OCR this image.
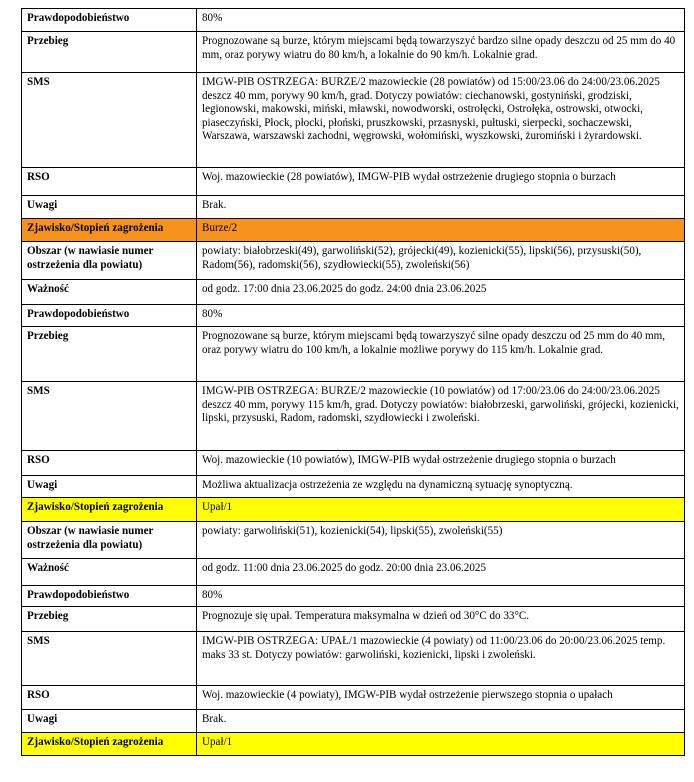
Prawdopodobieństwo	80%
Przebieg	Prognozowane są burze, którym miejscami będą towarzyszyć bardzo silne opady deszczu od 25 mm do 40 mm, oraz porywy wiatru do 80 km/h, a lokalnie do 90 km/h. Lokalnie grad.
SMS	IMGW-PIB OSTRZEGA: BURZE/2 mazowieckie (28 powiatów) od 15:00/23.06 do 24:00/23.06.2025 deszcz 40 mm, porywy 90 km/h, grad. Dotyczy powiatów: ciechanowski, gostyniński, grodziski, legionowski, makowski, miński, mławski, nowodworski, ostrołęcki, Ostrołęka, ostrowski, otwocki, piaseczyński, Płock, płocki, płoński, pruszkowski, przasnyski, pułtuski, sierpecki, sochaczewski, Warszawa, warszawski zachodni, węgrowski, wołomiński, wyszkowski, żuromiński i żyrardowski.
RSO	Woj. mazowieckie (28 powiatów), IMGW-PIB wydał ostrzeżenie drugiego stopnia o burzach
Uwagi	Brak.
Zjawisko/Stopień zagrożenia	Burze/2
Obszar (w nawiasie numer ostrzeżenia dla powiatu)	powiaty: białobrzeski(49), garwoliński(52), grójecki(49), kozienicki(55), lipski(56), przysuski(50), Radom(56), radomski(56), szydłowiecki(55), zwoleński(56)
Ważność	od godz. 17:00 dnia 23.06.2025 do godz. 24:00 dnia 23.06.2025
Prawdopodobieństwo	80%
Przebieg	Prognozowane są burze, którym miejscami będą towarzyszyć silne opady deszczu od 25 mm do 40 mm, oraz porywy wiatru do 100 km/h, a lokalnie możliwe porywy do 115 km/h. Lokalnie grad.
SMS	IMGW-PIB OSTRZEGA: BURZE/2 mazowieckie (10 powiatów) od 17:00/23.06 do 24:00/23.06.2025 deszcz 40 mm, porywy 115 km/h, grad. Dotyczy powiatów: białobrzeski, garwoliński, grójecki, kozienicki, lipski, przysuski, Radom, radomski, szydłowiecki i zwoleński.
RSO	Woj. mazowieckie (10 powiatów), IMGW-PIB wydał ostrzeżenie drugiego stopnia o burzach
Uwagi	Możliwa aktualizacja ostrzeżenia ze względu na dynamiczną sytuację synoptyczną.
Zjawisko/Stopień zagrożenia	Upał/1
Obszar (w nawiasie numer ostrzeżenia dla powiatu)	powiaty: garwoliński(51), kozienicki(54), lipski(55), zwoleński(55)
Ważność	od godz. 11:00 dnia 23.06.2025 do godz. 20:00 dnia 23.06.2025
Prawdopodobieństwo	80%
Przebieg	Prognozuje się upał. Temperatura maksymalna w dzień od 30°C do 33°C.
SMS	IMGW-PIB OSTRZEGA: UPAŁ/1 mazowieckie (4 powiaty) od 11:00/23.06 do 20:00/23.06.2025 temp. maks 33 st. Dotyczy powiatów: garwoliński, kozienicki, lipski i zwoleński.
RSO	Woj. mazowieckie (4 powiaty), IMGW-PIB wydał ostrzeżenie pierwszego stopnia o upałach
Uwagi	Brak.
Zjawisko/Stopień zagrożenia	Upał/1
